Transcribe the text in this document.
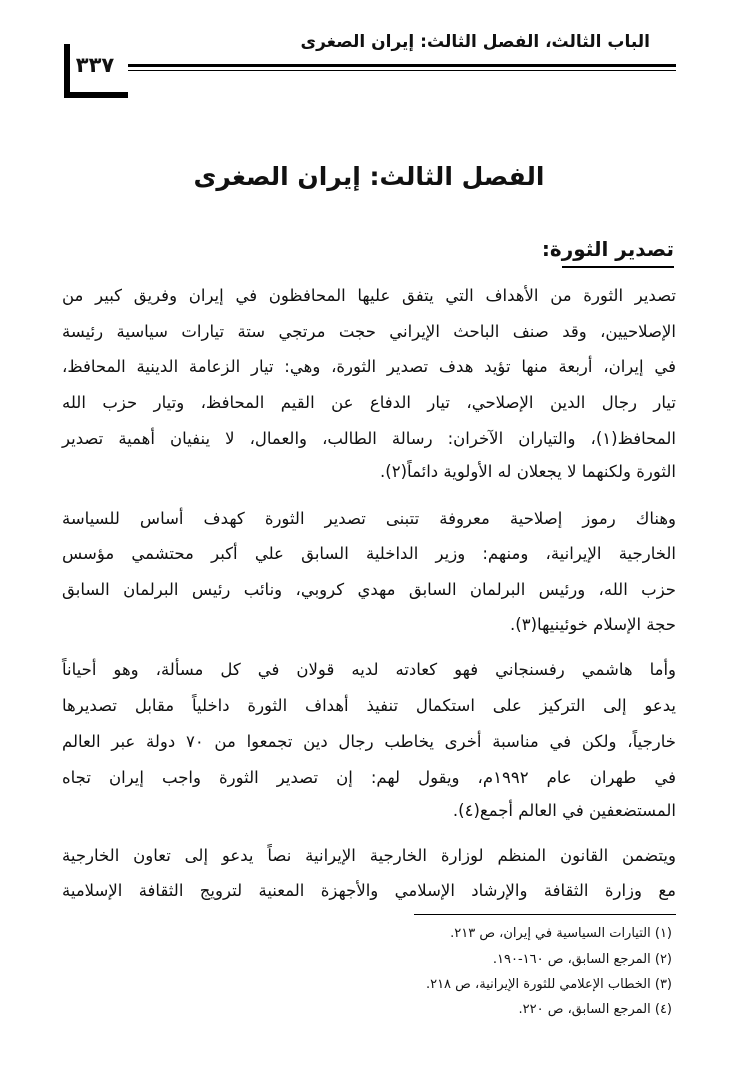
الباب الثالث، الفصل الثالث: إيران الصغرى
٣٣٧
الفصل الثالث: إيران الصغرى
تصدير الثورة:
تصدير الثورة من الأهداف التي يتفق عليها المحافظون في إيران وفريق كبير من
الإصلاحيين، وقد صنف الباحث الإيراني حجت مرتجي ستة تيارات سياسية رئيسة
في إيران، أربعة منها تؤيد هدف تصدير الثورة، وهي: تيار الزعامة الدينية المحافظ،
تيار رجال الدين الإصلاحي، تيار الدفاع عن القيم المحافظ، وتيار حزب الله
المحافظ(١)، والتياران الآخران: رسالة الطالب، والعمال، لا ينفيان أهمية تصدير
الثورة ولكنهما لا يجعلان له الأولوية دائماً(٢).
وهناك رموز إصلاحية معروفة تتبنى تصدير الثورة كهدف أساس للسياسة
الخارجية الإيرانية، ومنهم: وزير الداخلية السابق علي أكبر محتشمي مؤسس
حزب الله، ورئيس البرلمان السابق مهدي كروبي، ونائب رئيس البرلمان السابق
حجة الإسلام خوئينيها(٣).
وأما هاشمي رفسنجاني فهو كعادته لديه قولان في كل مسألة، وهو أحياناً
يدعو إلى التركيز على استكمال تنفيذ أهداف الثورة داخلياً مقابل تصديرها
خارجياً، ولكن في مناسبة أخرى يخاطب رجال دين تجمعوا من ٧٠ دولة عبر العالم
في طهران عام ١٩٩٢م، ويقول لهم: إن تصدير الثورة واجب إيران تجاه
المستضعفين في العالم أجمع(٤).
ويتضمن القانون المنظم لوزارة الخارجية الإيرانية نصاً يدعو إلى تعاون الخارجية
مع وزارة الثقافة والإرشاد الإسلامي والأجهزة المعنية لترويج الثقافة الإسلامية
(١) التيارات السياسية في إيران، ص ٢١٣.
(٢) المرجع السابق، ص ١٦٠-١٩٠.
(٣) الخطاب الإعلامي للثورة الإيرانية، ص ٢١٨.
(٤) المرجع السابق، ص ٢٢٠.
